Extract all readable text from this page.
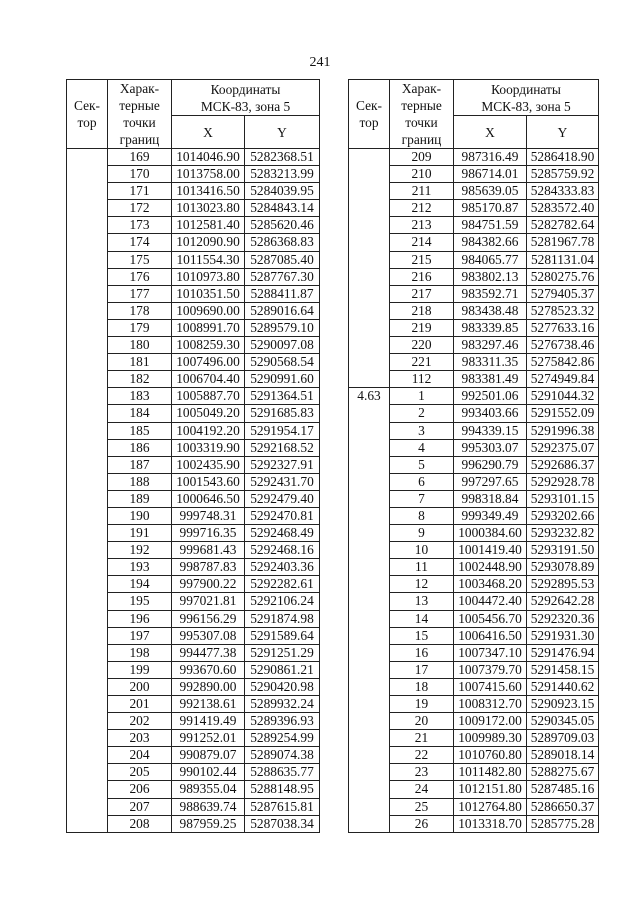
241
Сек-
тор	Харак-
терные
точки
границ	Координаты
МСК-83, зона 5	
		X	Y
	169	1014046.90	5282368.51
	170	1013758.00	5283213.99
	171	1013416.50	5284039.95
	172	1013023.80	5284843.14
	173	1012581.40	5285620.46
	174	1012090.90	5286368.83
	175	1011554.30	5287085.40
	176	1010973.80	5287767.30
	177	1010351.50	5288411.87
	178	1009690.00	5289016.64
	179	1008991.70	5289579.10
	180	1008259.30	5290097.08
	181	1007496.00	5290568.54
	182	1006704.40	5290991.60
	183	1005887.70	5291364.51
	184	1005049.20	5291685.83
	185	1004192.20	5291954.17
	186	1003319.90	5292168.52
	187	1002435.90	5292327.91
	188	1001543.60	5292431.70
	189	1000646.50	5292479.40
	190	999748.31	5292470.81
	191	999716.35	5292468.49
	192	999681.43	5292468.16
	193	998787.83	5292403.36
	194	997900.22	5292282.61
	195	997021.81	5292106.24
	196	996156.29	5291874.98
	197	995307.08	5291589.64
	198	994477.38	5291251.29
	199	993670.60	5290861.21
	200	992890.00	5290420.98
	201	992138.61	5289932.24
	202	991419.49	5289396.93
	203	991252.01	5289254.99
	204	990879.07	5289074.38
	205	990102.44	5288635.77
	206	989355.04	5288148.95
	207	988639.74	5287615.81
	208	987959.25	5287038.34
Сек-
тор	Харак-
терные
точки
границ	Координаты
МСК-83, зона 5	
		X	Y
	209	987316.49	5286418.90
	210	986714.01	5285759.92
	211	985639.05	5284333.83
	212	985170.87	5283572.40
	213	984751.59	5282782.64
	214	984382.66	5281967.78
	215	984065.77	5281131.04
	216	983802.13	5280275.76
	217	983592.71	5279405.37
	218	983438.48	5278523.32
	219	983339.85	5277633.16
	220	983297.46	5276738.46
	221	983311.35	5275842.86
	112	983381.49	5274949.84
4.63	1	992501.06	5291044.32
	2	993403.66	5291552.09
	3	994339.15	5291996.38
	4	995303.07	5292375.07
	5	996290.79	5292686.37
	6	997297.65	5292928.78
	7	998318.84	5293101.15
	8	999349.49	5293202.66
	9	1000384.60	5293232.82
	10	1001419.40	5293191.50
	11	1002448.90	5293078.89
	12	1003468.20	5292895.53
	13	1004472.40	5292642.28
	14	1005456.70	5292320.36
	15	1006416.50	5291931.30
	16	1007347.10	5291476.94
	17	1007379.70	5291458.15
	18	1007415.60	5291440.62
	19	1008312.70	5290923.15
	20	1009172.00	5290345.05
	21	1009989.30	5289709.03
	22	1010760.80	5289018.14
	23	1011482.80	5288275.67
	24	1012151.80	5287485.16
	25	1012764.80	5286650.37
	26	1013318.70	5285775.28
